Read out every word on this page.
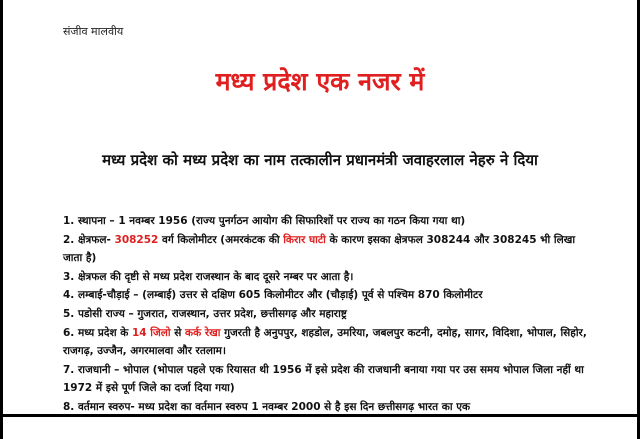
संजीव मालवीय
मध्य प्रदेश एक नजर में
मध्य प्रदेश को मध्य प्रदेश का नाम तत्कालीन प्रधानमंत्री जवाहरलाल नेहरु ने दिया

1. स्थापना – 1 नवम्बर 1956 (राज्य पुनर्गठन आयोग की सिफारिशों पर राज्य का गठन किया गया था)

2. क्षेत्रफल- 308252 वर्ग किलोमीटर (अमरकंटक की किरार घाटी के कारण इसका क्षेत्रफल 308244 और 308245 भी लिखा जाता है)

3. क्षेत्रफल की दृष्टी से मध्य प्रदेश राजस्थान के बाद दूसरे नम्बर पर आता है।

4. लम्बाई-चौड़ाई – (लम्बाई) उत्तर से दक्षिण 605 किलोमीटर और (चौड़ाई) पूर्व से पश्चिम 870 किलोमीटर

5. पडोसी राज्य – गुजरात, राजस्थान, उत्तर प्रदेश, छत्तीसगढ़ और महाराष्ट्र

6. मध्य प्रदेश के 14 जिलो से कर्क रेखा गुजरती है अनुपपुर, शहडोल, उमरिया, जबलपुर कटनी, दमोह, सागर, विदिशा, भोपाल, सिहोर, राजगढ़, उज्जैन, अगरमालवा और रतलाम।

7. राजधानी – भोपाल (भोपाल पहले एक रियासत थी 1956 में इसे प्रदेश की राजधानी बनाया गया पर उस समय भोपाल जिला नहीं था 1972 में इसे पूर्ण जिले का दर्जा दिया गया)

8. वर्तमान स्वरुप- मध्य प्रदेश का वर्तमान स्वरुप 1 नवम्बर 2000 से है इस दिन छत्तीसगढ़ भारत का एक
